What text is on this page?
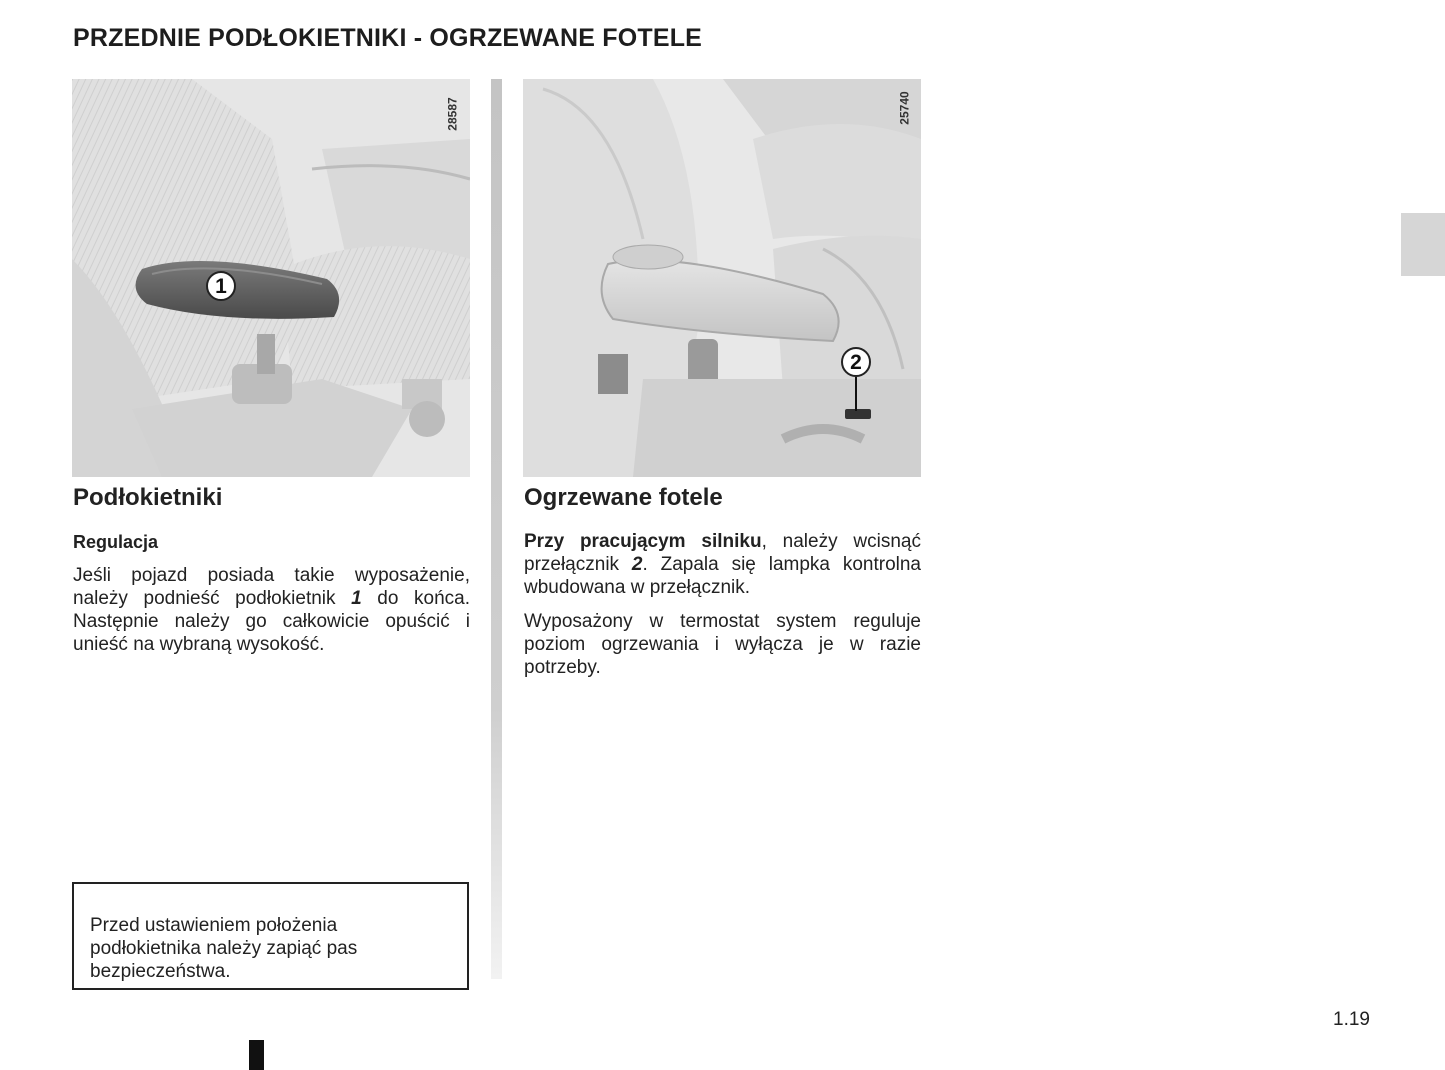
PRZEDNIE PODŁOKIETNIKI - OGRZEWANE FOTELE
28587
1
25740
2
Podłokietniki
Regulacja

Jeśli pojazd posiada takie wyposażenie, należy podnieść podłokietnik 1 do końca. Następnie należy go całkowicie opuścić i unieść na wybraną wysokość.

Ogrzewane fotele

Przy pracującym silniku, należy wcisnąć przełącznik 2. Zapala się lampka kontrolna wbudowana w przełącznik.

Wyposażony w termostat system reguluje poziom ogrzewania i wyłącza je w razie potrzeby.

Przed ustawieniem położenia podłokietnika należy zapiąć pas bezpieczeństwa.
1.19
